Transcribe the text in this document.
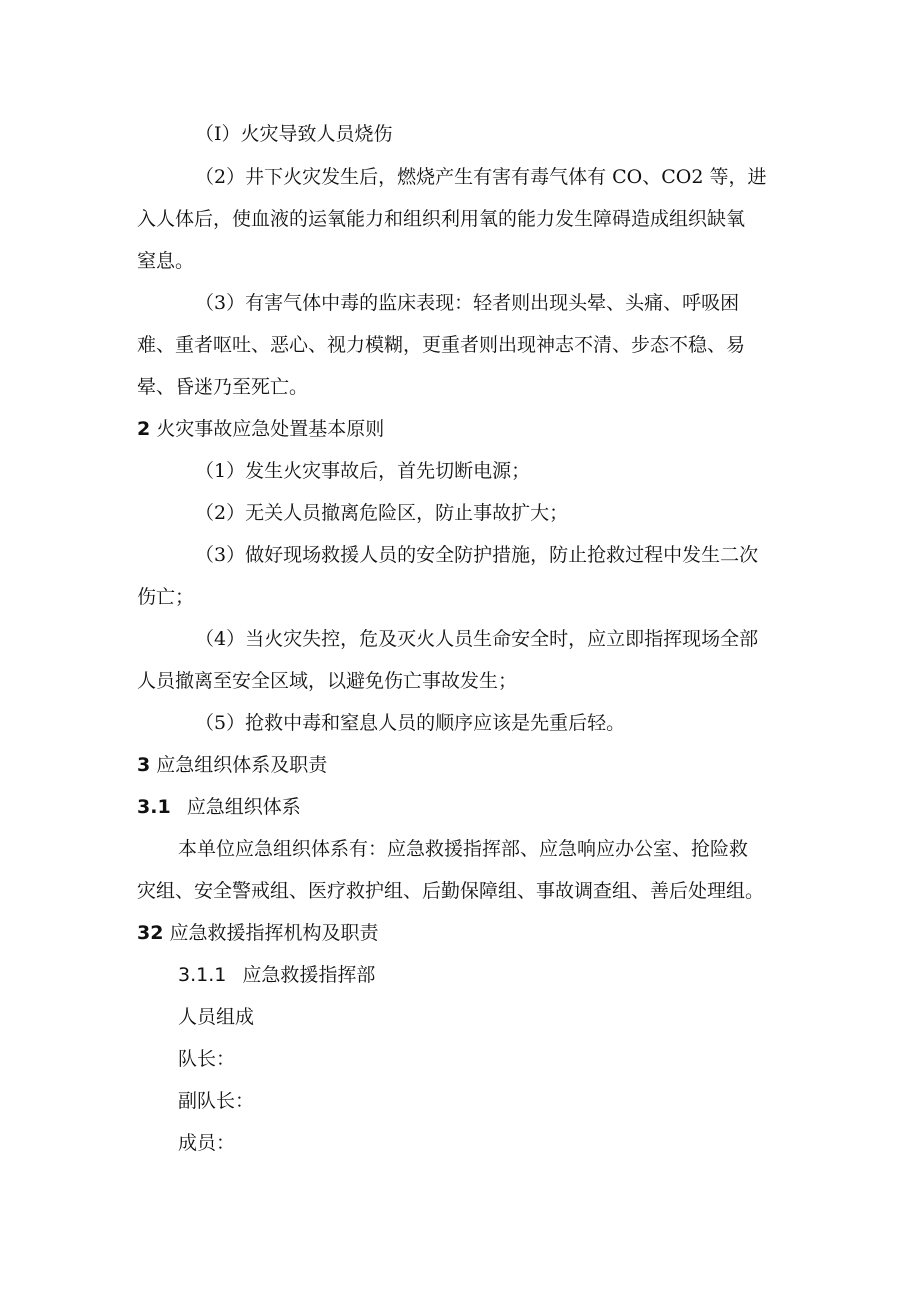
（I）火灾导致人员烧伤
（2）井下火灾发生后，燃烧产生有害有毒气体有 CO、CO2 等，进
入人体后，使血液的运氧能力和组织利用氧的能力发生障碍造成组织缺氧
窒息。
（3）有害气体中毒的监床表现：轻者则出现头晕、头痛、呼吸困
难、重者呕吐、恶心、视力模糊，更重者则出现神志不清、步态不稳、易
晕、昏迷乃至死亡。
2 火灾事故应急处置基本原则
（1）发生火灾事故后，首先切断电源；
（2）无关人员撤离危险区，防止事故扩大；
（3）做好现场救援人员的安全防护措施，防止抢救过程中发生二次
伤亡；
（4）当火灾失控，危及灭火人员生命安全时，应立即指挥现场全部
人员撤离至安全区域，以避免伤亡事故发生；
（5）抢救中毒和窒息人员的顺序应该是先重后轻。
3 应急组织体系及职责
3.1 应急组织体系
本单位应急组织体系有：应急救援指挥部、应急响应办公室、抢险救
灾组、安全警戒组、医疗救护组、后勤保障组、事故调查组、善后处理组。
32 应急救援指挥机构及职责
3.1.1 应急救援指挥部
人员组成
队长：
副队长：
成员：
